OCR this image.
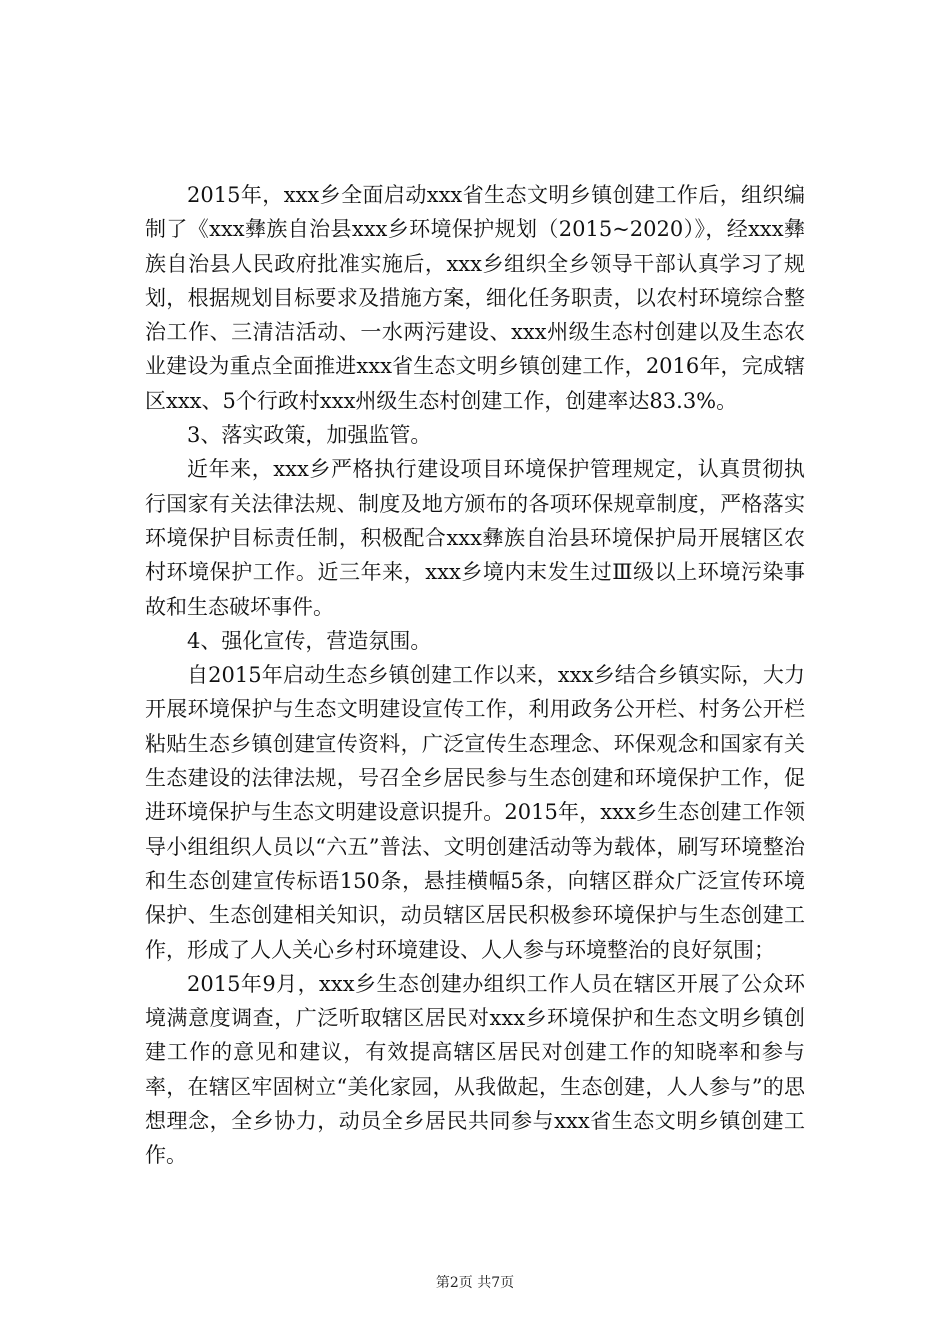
2015年，xxx乡全面启动xxx省生态文明乡镇创建工作后，组织编制了《xxx彝族自治县xxx乡环境保护规划（2015~2020）》，经xxx彝族自治县人民政府批准实施后，xxx乡组织全乡领导干部认真学习了规划，根据规划目标要求及措施方案，细化任务职责，以农村环境综合整治工作、三清洁活动、一水两污建设、xxx州级生态村创建以及生态农业建设为重点全面推进xxx省生态文明乡镇创建工作，2016年，完成辖区xxx、5个行政村xxx州级生态村创建工作，创建率达83.3%。

3、落实政策，加强监管。

近年来，xxx乡严格执行建设项目环境保护管理规定，认真贯彻执行国家有关法律法规、制度及地方颁布的各项环保规章制度，严格落实环境保护目标责任制，积极配合xxx彝族自治县环境保护局开展辖区农村环境保护工作。近三年来，xxx乡境内末发生过Ⅲ级以上环境污染事故和生态破坏事件。

4、强化宣传，营造氛围。

自2015年启动生态乡镇创建工作以来，xxx乡结合乡镇实际，大力开展环境保护与生态文明建设宣传工作，利用政务公开栏、村务公开栏粘贴生态乡镇创建宣传资料，广泛宣传生态理念、环保观念和国家有关生态建设的法律法规，号召全乡居民参与生态创建和环境保护工作，促进环境保护与生态文明建设意识提升。2015年，xxx乡生态创建工作领导小组组织人员以“六五”普法、文明创建活动等为载体，刷写环境整治和生态创建宣传标语150条，悬挂横幅5条，向辖区群众广泛宣传环境保护、生态创建相关知识，动员辖区居民积极参环境保护与生态创建工作，形成了人人关心乡村环境建设、人人参与环境整治的良好氛围；

2015年9月，xxx乡生态创建办组织工作人员在辖区开展了公众环境满意度调查，广泛听取辖区居民对xxx乡环境保护和生态文明乡镇创建工作的意见和建议，有效提高辖区居民对创建工作的知晓率和参与率，在辖区牢固树立“美化家园，从我做起，生态创建，人人参与”的思想理念，全乡协力，动员全乡居民共同参与xxx省生态文明乡镇创建工作。

第2页 共7页
